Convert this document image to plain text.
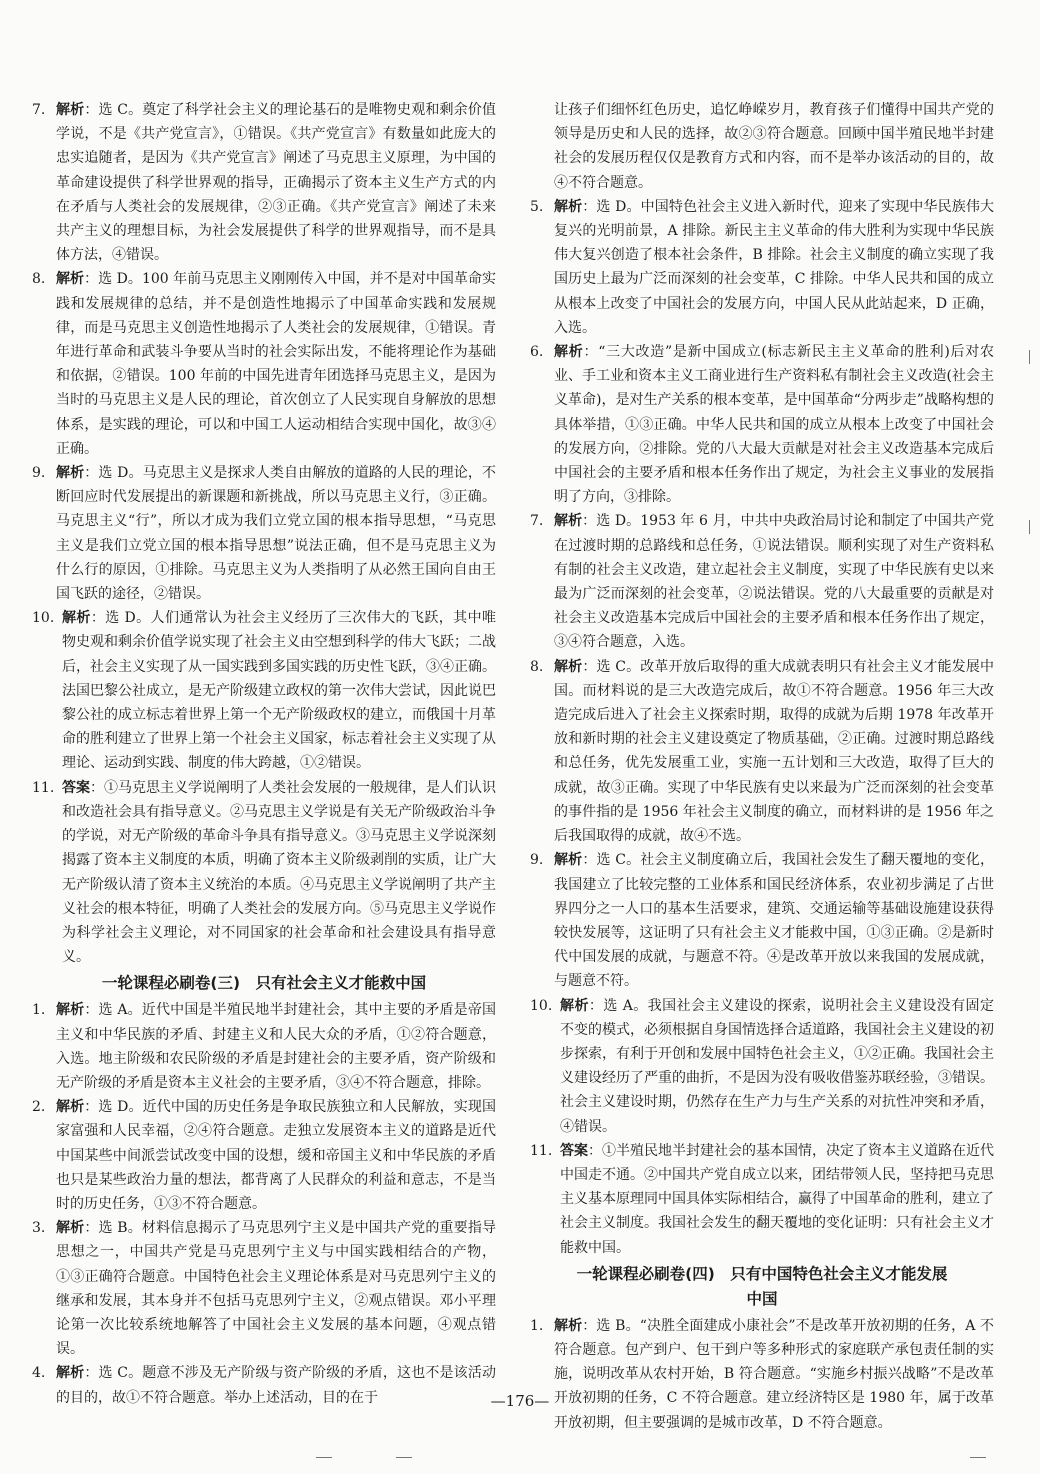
7. 解析：选 C。奠定了科学社会主义的理论基石的是唯物史观和剩余价值学说，不是《共产党宣言》，①错误。《共产党宣言》有数量如此庞大的忠实追随者，是因为《共产党宣言》阐述了马克思主义原理，为中国的革命建设提供了科学世界观的指导，正确揭示了资本主义生产方式的内在矛盾与人类社会的发展规律，②③正确。《共产党宣言》阐述了未来共产主义的理想目标，为社会发展提供了科学的世界观指导，而不是具体方法，④错误。

8. 解析：选 D。100 年前马克思主义刚刚传入中国，并不是对中国革命实践和发展规律的总结，并不是创造性地揭示了中国革命实践和发展规律，而是马克思主义创造性地揭示了人类社会的发展规律，①错误。青年进行革命和武装斗争要从当时的社会实际出发，不能将理论作为基础和依据，②错误。100 年前的中国先进青年团选择马克思主义，是因为当时的马克思主义是人民的理论，首次创立了人民实现自身解放的思想体系，是实践的理论，可以和中国工人运动相结合实现中国化，故③④正确。

9. 解析：选 D。马克思主义是探求人类自由解放的道路的人民的理论，不断回应时代发展提出的新课题和新挑战，所以马克思主义行，③正确。马克思主义“行”，所以才成为我们立党立国的根本指导思想，“马克思主义是我们立党立国的根本指导思想”说法正确，但不是马克思主义为什么行的原因，①排除。马克思主义为人类指明了从必然王国向自由王国飞跃的途径，②错误。

10. 解析：选 D。人们通常认为社会主义经历了三次伟大的飞跃，其中唯物史观和剩余价值学说实现了社会主义由空想到科学的伟大飞跃；二战后，社会主义实现了从一国实践到多国实践的历史性飞跃，③④正确。法国巴黎公社成立，是无产阶级建立政权的第一次伟大尝试，因此说巴黎公社的成立标志着世界上第一个无产阶级政权的建立，而俄国十月革命的胜利建立了世界上第一个社会主义国家，标志着社会主义实现了从理论、运动到实践、制度的伟大跨越，①②错误。

11. 答案：①马克思主义学说阐明了人类社会发展的一般规律，是人们认识和改造社会具有指导意义。②马克思主义学说是有关无产阶级政治斗争的学说，对无产阶级的革命斗争具有指导意义。③马克思主义学说深刻揭露了资本主义制度的本质，明确了资本主义阶级剥削的实质，让广大无产阶级认清了资本主义统治的本质。④马克思主义学说阐明了共产主义社会的根本特征，明确了人类社会的发展方向。⑤马克思主义学说作为科学社会主义理论，对不同国家的社会革命和社会建设具有指导意义。

一轮课程必刷卷(三)　只有社会主义才能救中国

1. 解析：选 A。近代中国是半殖民地半封建社会，其中主要的矛盾是帝国主义和中华民族的矛盾、封建主义和人民大众的矛盾，①②符合题意，入选。地主阶级和农民阶级的矛盾是封建社会的主要矛盾，资产阶级和无产阶级的矛盾是资本主义社会的主要矛盾，③④不符合题意，排除。

2. 解析：选 D。近代中国的历史任务是争取民族独立和人民解放，实现国家富强和人民幸福，②④符合题意。走独立发展资本主义的道路是近代中国某些中间派尝试改变中国的设想，缓和帝国主义和中华民族的矛盾也只是某些政治力量的想法，都背离了人民群众的利益和意志，不是当时的历史任务，①③不符合题意。

3. 解析：选 B。材料信息揭示了马克思列宁主义是中国共产党的重要指导思想之一，中国共产党是马克思列宁主义与中国实践相结合的产物，①③正确符合题意。中国特色社会主义理论体系是对马克思列宁主义的继承和发展，其本身并不包括马克思列宁主义，②观点错误。邓小平理论第一次比较系统地解答了中国社会主义发展的基本问题，④观点错误。

4. 解析：选 C。题意不涉及无产阶级与资产阶级的矛盾，这也不是该活动的目的，故①不符合题意。举办上述活动，目的在于

让孩子们细怀红色历史，追忆峥嵘岁月，教育孩子们懂得中国共产党的领导是历史和人民的选择，故②③符合题意。回顾中国半殖民地半封建社会的发展历程仅仅是教育方式和内容，而不是举办该活动的目的，故④不符合题意。

5. 解析：选 D。中国特色社会主义进入新时代，迎来了实现中华民族伟大复兴的光明前景，A 排除。新民主主义革命的伟大胜利为实现中华民族伟大复兴创造了根本社会条件，B 排除。社会主义制度的确立实现了我国历史上最为广泛而深刻的社会变革，C 排除。中华人民共和国的成立从根本上改变了中国社会的发展方向，中国人民从此站起来，D 正确，入选。

6. 解析：“三大改造”是新中国成立(标志新民主主义革命的胜利)后对农业、手工业和资本主义工商业进行生产资料私有制社会主义改造(社会主义革命)，是对生产关系的根本变革，是中国革命“分两步走”战略构想的具体举措，①③正确。中华人民共和国的成立从根本上改变了中国社会的发展方向，②排除。党的八大最大贡献是对社会主义改造基本完成后中国社会的主要矛盾和根本任务作出了规定，为社会主义事业的发展指明了方向，③排除。

7. 解析：选 D。1953 年 6 月，中共中央政治局讨论和制定了中国共产党在过渡时期的总路线和总任务，①说法错误。顺利实现了对生产资料私有制的社会主义改造，建立起社会主义制度，实现了中华民族有史以来最为广泛而深刻的社会变革，②说法错误。党的八大最重要的贡献是对社会主义改造基本完成后中国社会的主要矛盾和根本任务作出了规定，③④符合题意，入选。

8. 解析：选 C。改革开放后取得的重大成就表明只有社会主义才能发展中国。而材料说的是三大改造完成后，故①不符合题意。1956 年三大改造完成后进入了社会主义探索时期，取得的成就为后期 1978 年改革开放和新时期的社会主义建设奠定了物质基础，②正确。过渡时期总路线和总任务，优先发展重工业，实施一五计划和三大改造，取得了巨大的成就，故③正确。实现了中华民族有史以来最为广泛而深刻的社会变革的事件指的是 1956 年社会主义制度的确立，而材料讲的是 1956 年之后我国取得的成就，故④不选。

9. 解析：选 C。社会主义制度确立后，我国社会发生了翻天覆地的变化，我国建立了比较完整的工业体系和国民经济体系，农业初步满足了占世界四分之一人口的基本生活要求，建筑、交通运输等基础设施建设获得较快发展等，这证明了只有社会主义才能救中国，①③正确。②是新时代中国发展的成就，与题意不符。④是改革开放以来我国的发展成就，与题意不符。

10. 解析：选 A。我国社会主义建设的探索，说明社会主义建设没有固定不变的模式，必须根据自身国情选择合适道路，我国社会主义建设的初步探索，有利于开创和发展中国特色社会主义，①②正确。我国社会主义建设经历了严重的曲折，不是因为没有吸收借鉴苏联经验，③错误。社会主义建设时期，仍然存在生产力与生产关系的对抗性冲突和矛盾，④错误。

11. 答案：①半殖民地半封建社会的基本国情，决定了资本主义道路在近代中国走不通。②中国共产党自成立以来，团结带领人民，坚持把马克思主义基本原理同中国具体实际相结合，赢得了中国革命的胜利，建立了社会主义制度。我国社会发生的翻天覆地的变化证明：只有社会主义才能救中国。

一轮课程必刷卷(四)　只有中国特色社会主义才能发展
中国

1. 解析：选 B。“决胜全面建成小康社会”不是改革开放初期的任务，A 不符合题意。包产到户、包干到户等多种形式的家庭联产承包责任制的实施，说明改革从农村开始，B 符合题意。“实施乡村振兴战略”不是改革开放初期的任务，C 不符合题意。建立经济特区是 1980 年，属于改革开放初期，但主要强调的是城市改革，D 不符合题意。

—176—
